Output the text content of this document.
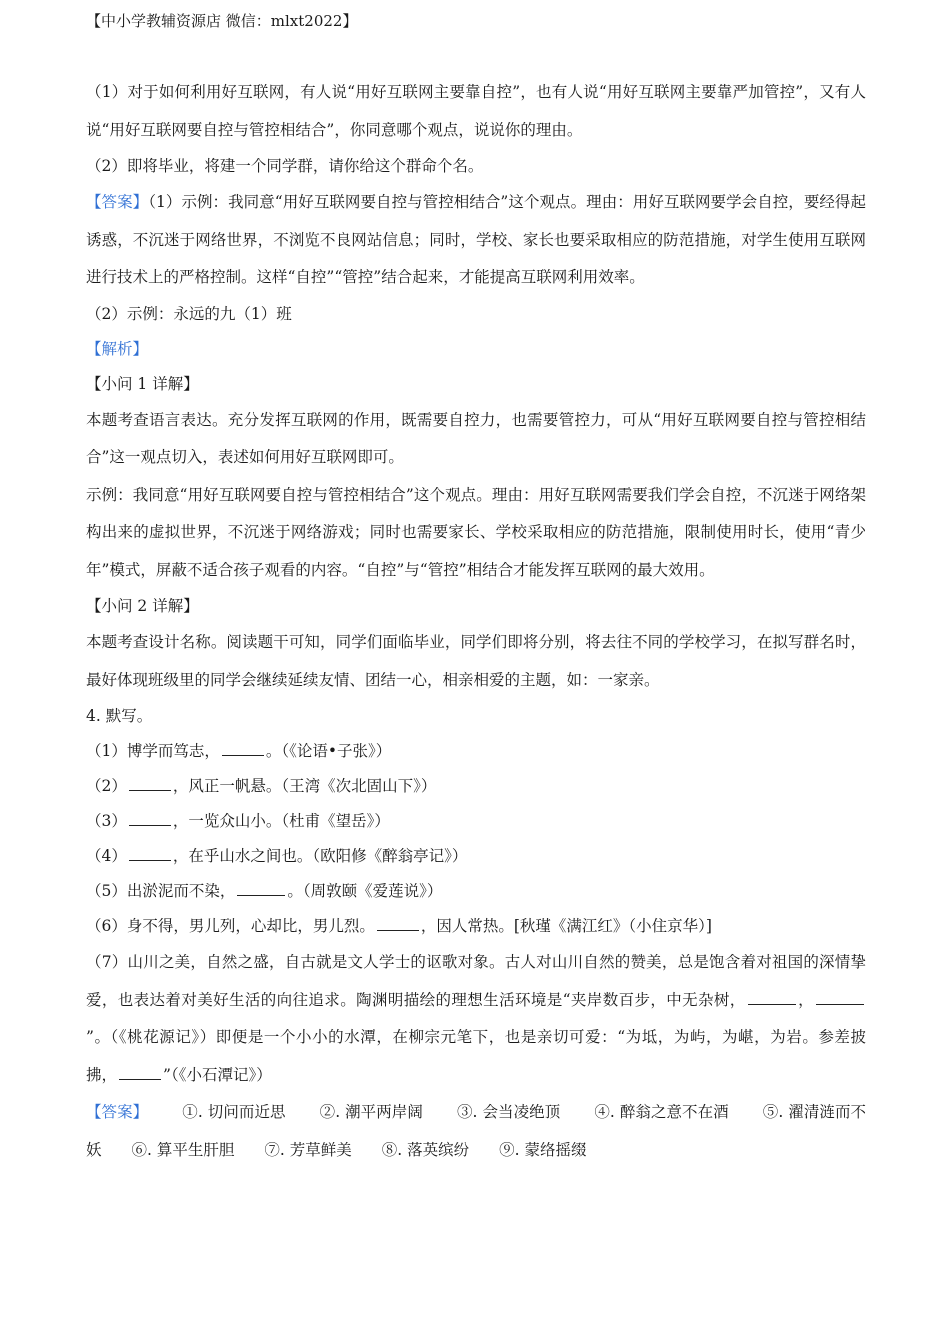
【中小学教辅资源店 微信：mlxt2022】

（1）对于如何利用好互联网，有人说“用好互联网主要靠自控”，也有人说“用好互联网主要靠严加管控”，又有人说“用好互联网要自控与管控相结合”，你同意哪个观点，说说你的理由。

（2）即将毕业，将建一个同学群，请你给这个群命个名。

【答案】（1）示例：我同意“用好互联网要自控与管控相结合”这个观点。理由：用好互联网要学会自控，要经得起诱惑，不沉迷于网络世界，不浏览不良网站信息；同时，学校、家长也要采取相应的防范措施，对学生使用互联网进行技术上的严格控制。这样“自控”“管控”结合起来，才能提高互联网利用效率。

（2）示例：永远的九（1）班

【解析】

【小问 1 详解】

本题考查语言表达。充分发挥互联网的作用，既需要自控力，也需要管控力，可从“用好互联网要自控与管控相结合”这一观点切入，表述如何用好互联网即可。

示例：我同意“用好互联网要自控与管控相结合”这个观点。理由：用好互联网需要我们学会自控，不沉迷于网络架构出来的虚拟世界，不沉迷于网络游戏；同时也需要家长、学校采取相应的防范措施，限制使用时长，使用“青少年”模式，屏蔽不适合孩子观看的内容。“自控”与“管控”相结合才能发挥互联网的最大效用。

【小问 2 详解】

本题考查设计名称。阅读题干可知，同学们面临毕业，同学们即将分别，将去往不同的学校学习，在拟写群名时，最好体现班级里的同学会继续延续友情、团结一心，相亲相爱的主题，如：一家亲。

4. 默写。

（1）博学而笃志，	。（《论语•子张》）

（2）	，风正一帆悬。（王湾《次北固山下》）

（3）	，一览众山小。（杜甫《望岳》）

（4）	，在乎山水之间也。（欧阳修《醉翁亭记》）

（5）出淤泥而不染，	。（周敦颐《爱莲说》）

（6）身不得，男儿列，心却比，男儿烈。	，因人常热。[秋瑾《满江红》（小住京华）]

（7）山川之美，自然之盛，自古就是文人学士的讴歌对象。古人对山川自然的赞美，总是饱含着对祖国的深情挚爱，也表达着对美好生活的向往追求。陶渊明描绘的理想生活环境是“夹岸数百步，中无杂树，	，”。（《桃花源记》）即便是一个小小的水潭，在柳宗元笔下，也是亲切可爱：“为坻，为屿，为嵁，为岩。参差披拂，	”（《小石潭记》）

【答案】 ①. 切问而近思 ②. 潮平两岸阔 ③. 会当凌绝顶 ④. 醉翁之意不在酒 ⑤. 濯清涟而不妖 ⑥. 算平生肝胆 ⑦. 芳草鲜美 ⑧. 落英缤纷 ⑨. 蒙络摇缀
